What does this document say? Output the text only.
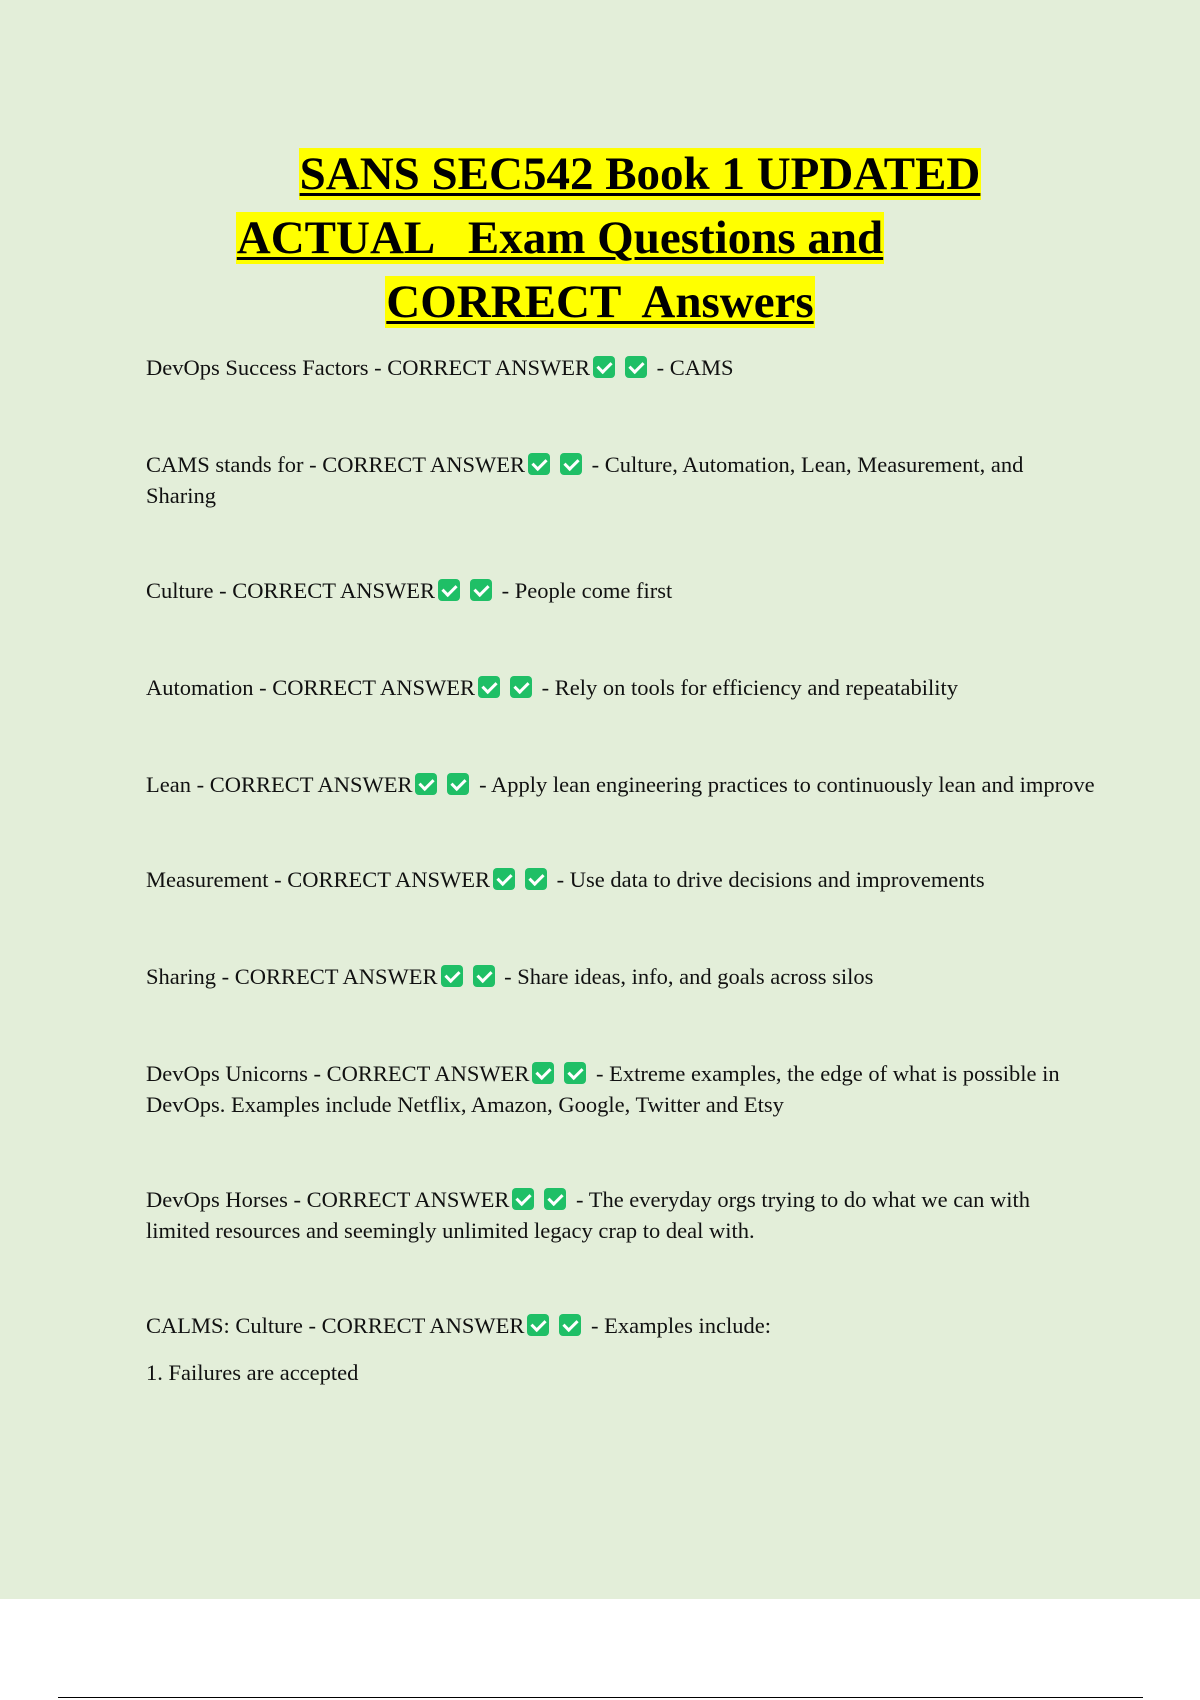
SANS SEC542 Book 1 UPDATED
ACTUAL   Exam Questions and
CORRECT  Answers
DevOps Success Factors - CORRECT ANSWER	- CAMS
CAMS stands for - CORRECT ANSWER	- Culture, Automation, Lean, Measurement, and Sharing
Culture - CORRECT ANSWER	- People come first
Automation - CORRECT ANSWER	- Rely on tools for efficiency and repeatability
Lean - CORRECT ANSWER	- Apply lean engineering practices to continuously lean and improve
Measurement - CORRECT ANSWER	- Use data to drive decisions and improvements
Sharing - CORRECT ANSWER	- Share ideas, info, and goals across silos
DevOps Unicorns - CORRECT ANSWER	- Extreme examples, the edge of what is possible in DevOps. Examples include Netflix, Amazon, Google, Twitter and Etsy
DevOps Horses - CORRECT ANSWER	- The everyday orgs trying to do what we can with limited resources and seemingly unlimited legacy crap to deal with.
CALMS: Culture - CORRECT ANSWER	- Examples include:
1. Failures are accepted
